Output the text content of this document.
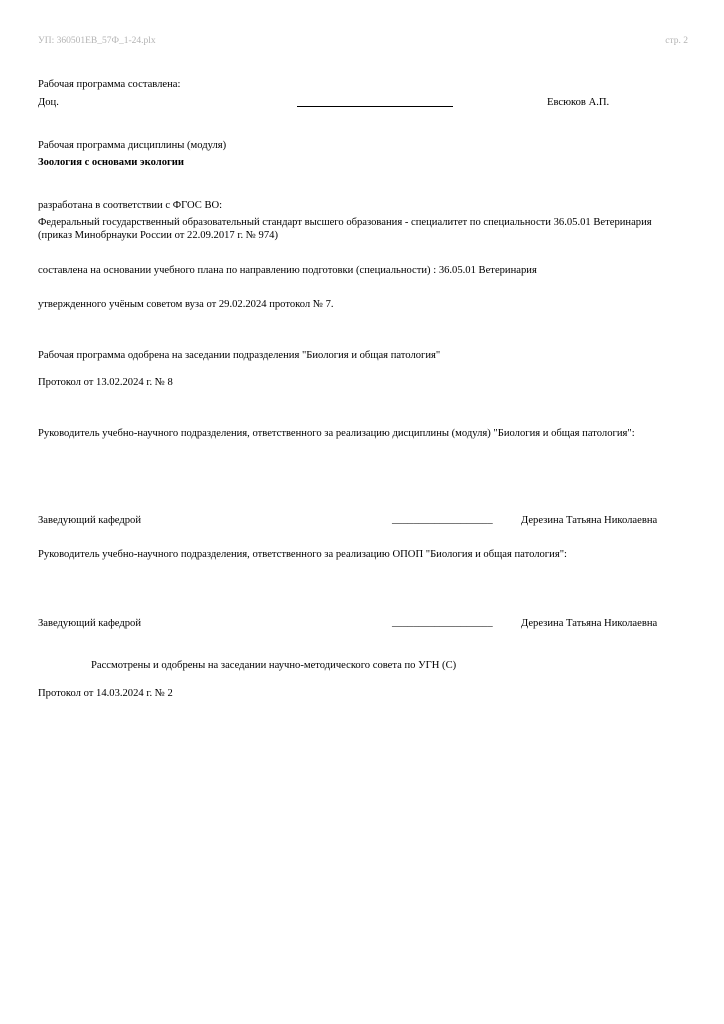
УП: 360501ЕВ_57Ф_1-24.plx	стр. 2
Рабочая программа составлена:
Доц.	Евсюков А.П.
Рабочая программа дисциплины (модуля)
Зоология с основами экологии
разработана в соответствии с ФГОС ВО:
Федеральный государственный образовательный стандарт высшего образования - специалитет по специальности 36.05.01 Ветеринария (приказ Минобрнауки России от 22.09.2017 г. № 974)
составлена на основании учебного плана по направлению подготовки (специальности) : 36.05.01 Ветеринария
утвержденного учёным советом вуза от 29.02.2024 протокол № 7.
Рабочая программа одобрена на заседании подразделения "Биология и общая патология"
Протокол от 13.02.2024 г. № 8
Руководитель учебно-научного подразделения, ответственного за реализацию дисциплины (модуля) "Биология и общая патология":
Заведующий кафедрой	___________________	Дерезина Татьяна Николаевна
Руководитель учебно-научного подразделения, ответственного за реализацию ОПОП "Биология и общая патология":
Заведующий кафедрой	___________________	Дерезина Татьяна Николаевна
Рассмотрены и одобрены на заседании научно-методического совета по УГН (С)
Протокол от 14.03.2024 г. № 2
